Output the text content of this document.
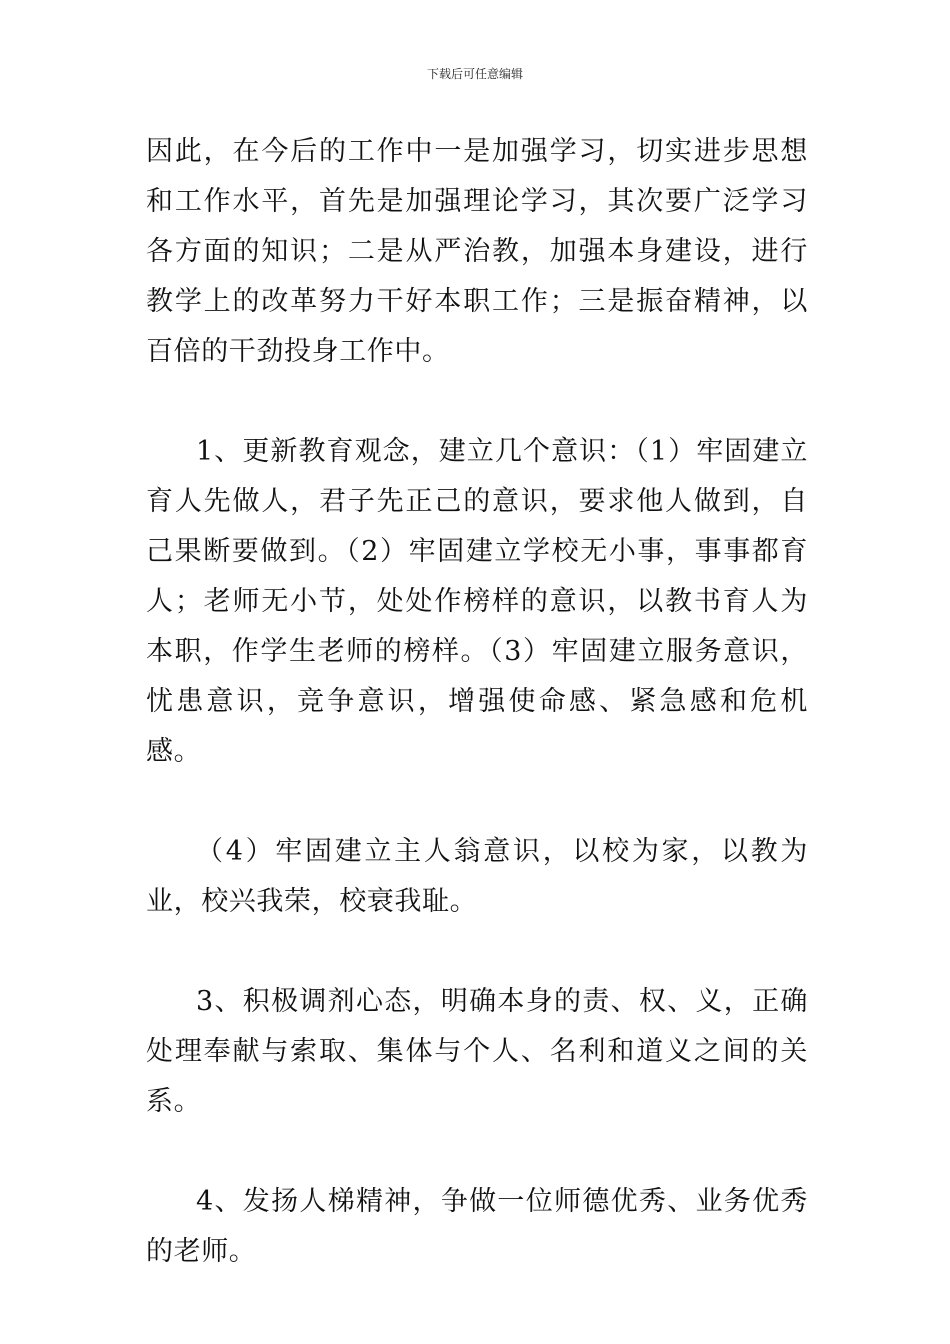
下载后可任意编辑

因此，在今后的工作中一是加强学习，切实进步思想和工作水平，首先是加强理论学习，其次要广泛学习各方面的知识；二是从严治教，加强本身建设，进行教学上的改革努力干好本职工作；三是振奋精神，以百倍的干劲投身工作中。

1、更新教育观念，建立几个意识：（1）牢固建立育人先做人，君子先正己的意识，要求他人做到，自己果断要做到。（2）牢固建立学校无小事，事事都育人；老师无小节，处处作榜样的意识，以教书育人为本职，作学生老师的榜样。（3）牢固建立服务意识，忧患意识，竞争意识，增强使命感、紧急感和危机感。

（4）牢固建立主人翁意识，以校为家，以教为业，校兴我荣，校衰我耻。

3、积极调剂心态，明确本身的责、权、义，正确处理奉献与索取、集体与个人、名利和道义之间的关系。

4、发扬人梯精神，争做一位师德优秀、业务优秀的老师。
